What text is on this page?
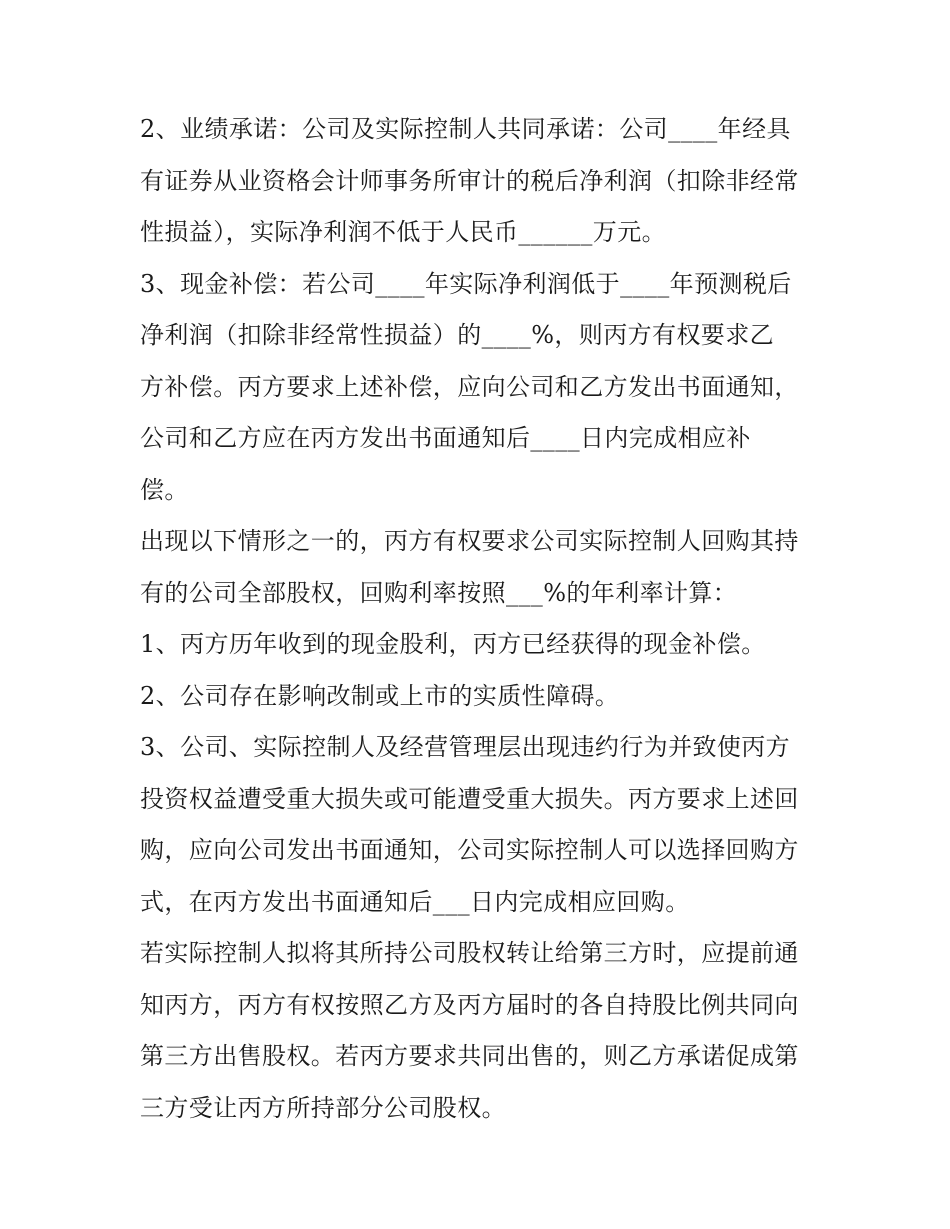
2、业绩承诺：公司及实际控制人共同承诺：公司____年经具
有证券从业资格会计师事务所审计的税后净利润（扣除非经常
性损益），实际净利润不低于人民币______万元。
3、现金补偿：若公司____年实际净利润低于____年预测税后
净利润（扣除非经常性损益）的____%，则丙方有权要求乙
方补偿。丙方要求上述补偿，应向公司和乙方发出书面通知，
公司和乙方应在丙方发出书面通知后____日内完成相应补
偿。
出现以下情形之一的，丙方有权要求公司实际控制人回购其持
有的公司全部股权，回购利率按照___%的年利率计算：
1、丙方历年收到的现金股利，丙方已经获得的现金补偿。
2、公司存在影响改制或上市的实质性障碍。
3、公司、实际控制人及经营管理层出现违约行为并致使丙方
投资权益遭受重大损失或可能遭受重大损失。丙方要求上述回
购，应向公司发出书面通知，公司实际控制人可以选择回购方
式，在丙方发出书面通知后___日内完成相应回购。
若实际控制人拟将其所持公司股权转让给第三方时，应提前通
知丙方，丙方有权按照乙方及丙方届时的各自持股比例共同向
第三方出售股权。若丙方要求共同出售的，则乙方承诺促成第
三方受让丙方所持部分公司股权。
